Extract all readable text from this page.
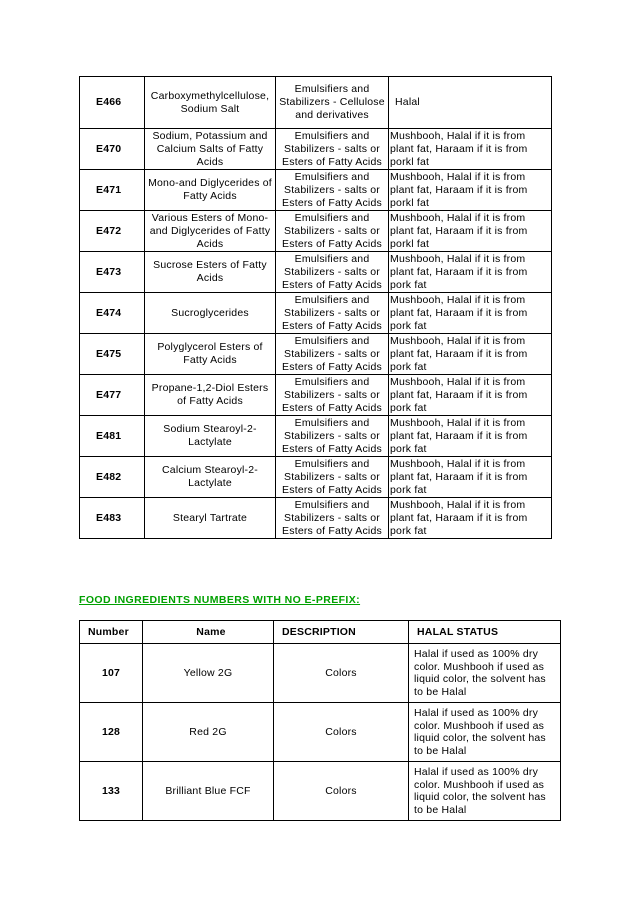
E466	Carboxymethylcellulose, Sodium Salt	Emulsifiers and Stabilizers - Cellulose and derivatives	Halal
E470	Sodium, Potassium and Calcium Salts of Fatty Acids	Emulsifiers and Stabilizers - salts or Esters of Fatty Acids	Mushbooh, Halal if it is from plant fat, Haraam if it is from porkl fat
E471	Mono-and Diglycerides of Fatty Acids	Emulsifiers and Stabilizers - salts or Esters of Fatty Acids	Mushbooh, Halal if it is from plant fat, Haraam if it is from porkl fat
E472	Various Esters of Mono- and Diglycerides of Fatty Acids	Emulsifiers and Stabilizers - salts or Esters of Fatty Acids	Mushbooh, Halal if it is from plant fat, Haraam if it is from porkl fat
E473	Sucrose Esters of Fatty Acids	Emulsifiers and Stabilizers - salts or Esters of Fatty Acids	Mushbooh, Halal if it is from plant fat, Haraam if it is from pork fat
E474	Sucroglycerides	Emulsifiers and Stabilizers - salts or Esters of Fatty Acids	Mushbooh, Halal if it is from plant fat, Haraam if it is from pork fat
E475	Polyglycerol Esters of Fatty Acids	Emulsifiers and Stabilizers - salts or Esters of Fatty Acids	Mushbooh, Halal if it is from plant fat, Haraam if it is from pork fat
E477	Propane-1,2-Diol Esters of Fatty Acids	Emulsifiers and Stabilizers - salts or Esters of Fatty Acids	Mushbooh, Halal if it is from plant fat, Haraam if it is from pork fat
E481	Sodium Stearoyl-2-Lactylate	Emulsifiers and Stabilizers - salts or Esters of Fatty Acids	Mushbooh, Halal if it is from plant fat, Haraam if it is from pork fat
E482	Calcium Stearoyl-2-Lactylate	Emulsifiers and Stabilizers - salts or Esters of Fatty Acids	Mushbooh, Halal if it is from plant fat, Haraam if it is from pork fat
E483	Stearyl Tartrate	Emulsifiers and Stabilizers - salts or Esters of Fatty Acids	Mushbooh, Halal if it is from plant fat, Haraam if it is from pork fat
FOOD INGREDIENTS NUMBERS WITH NO E-PREFIX:
Number	Name	DESCRIPTION	HALAL STATUS
107	Yellow 2G	Colors	Halal if used as 100% dry color. Mushbooh if used as liquid color, the solvent has to be Halal
128	Red 2G	Colors	Halal if used as 100% dry color. Mushbooh if used as liquid color, the solvent has to be Halal
133	Brilliant Blue FCF	Colors	Halal if used as 100% dry color. Mushbooh if used as liquid color, the solvent has to be Halal
